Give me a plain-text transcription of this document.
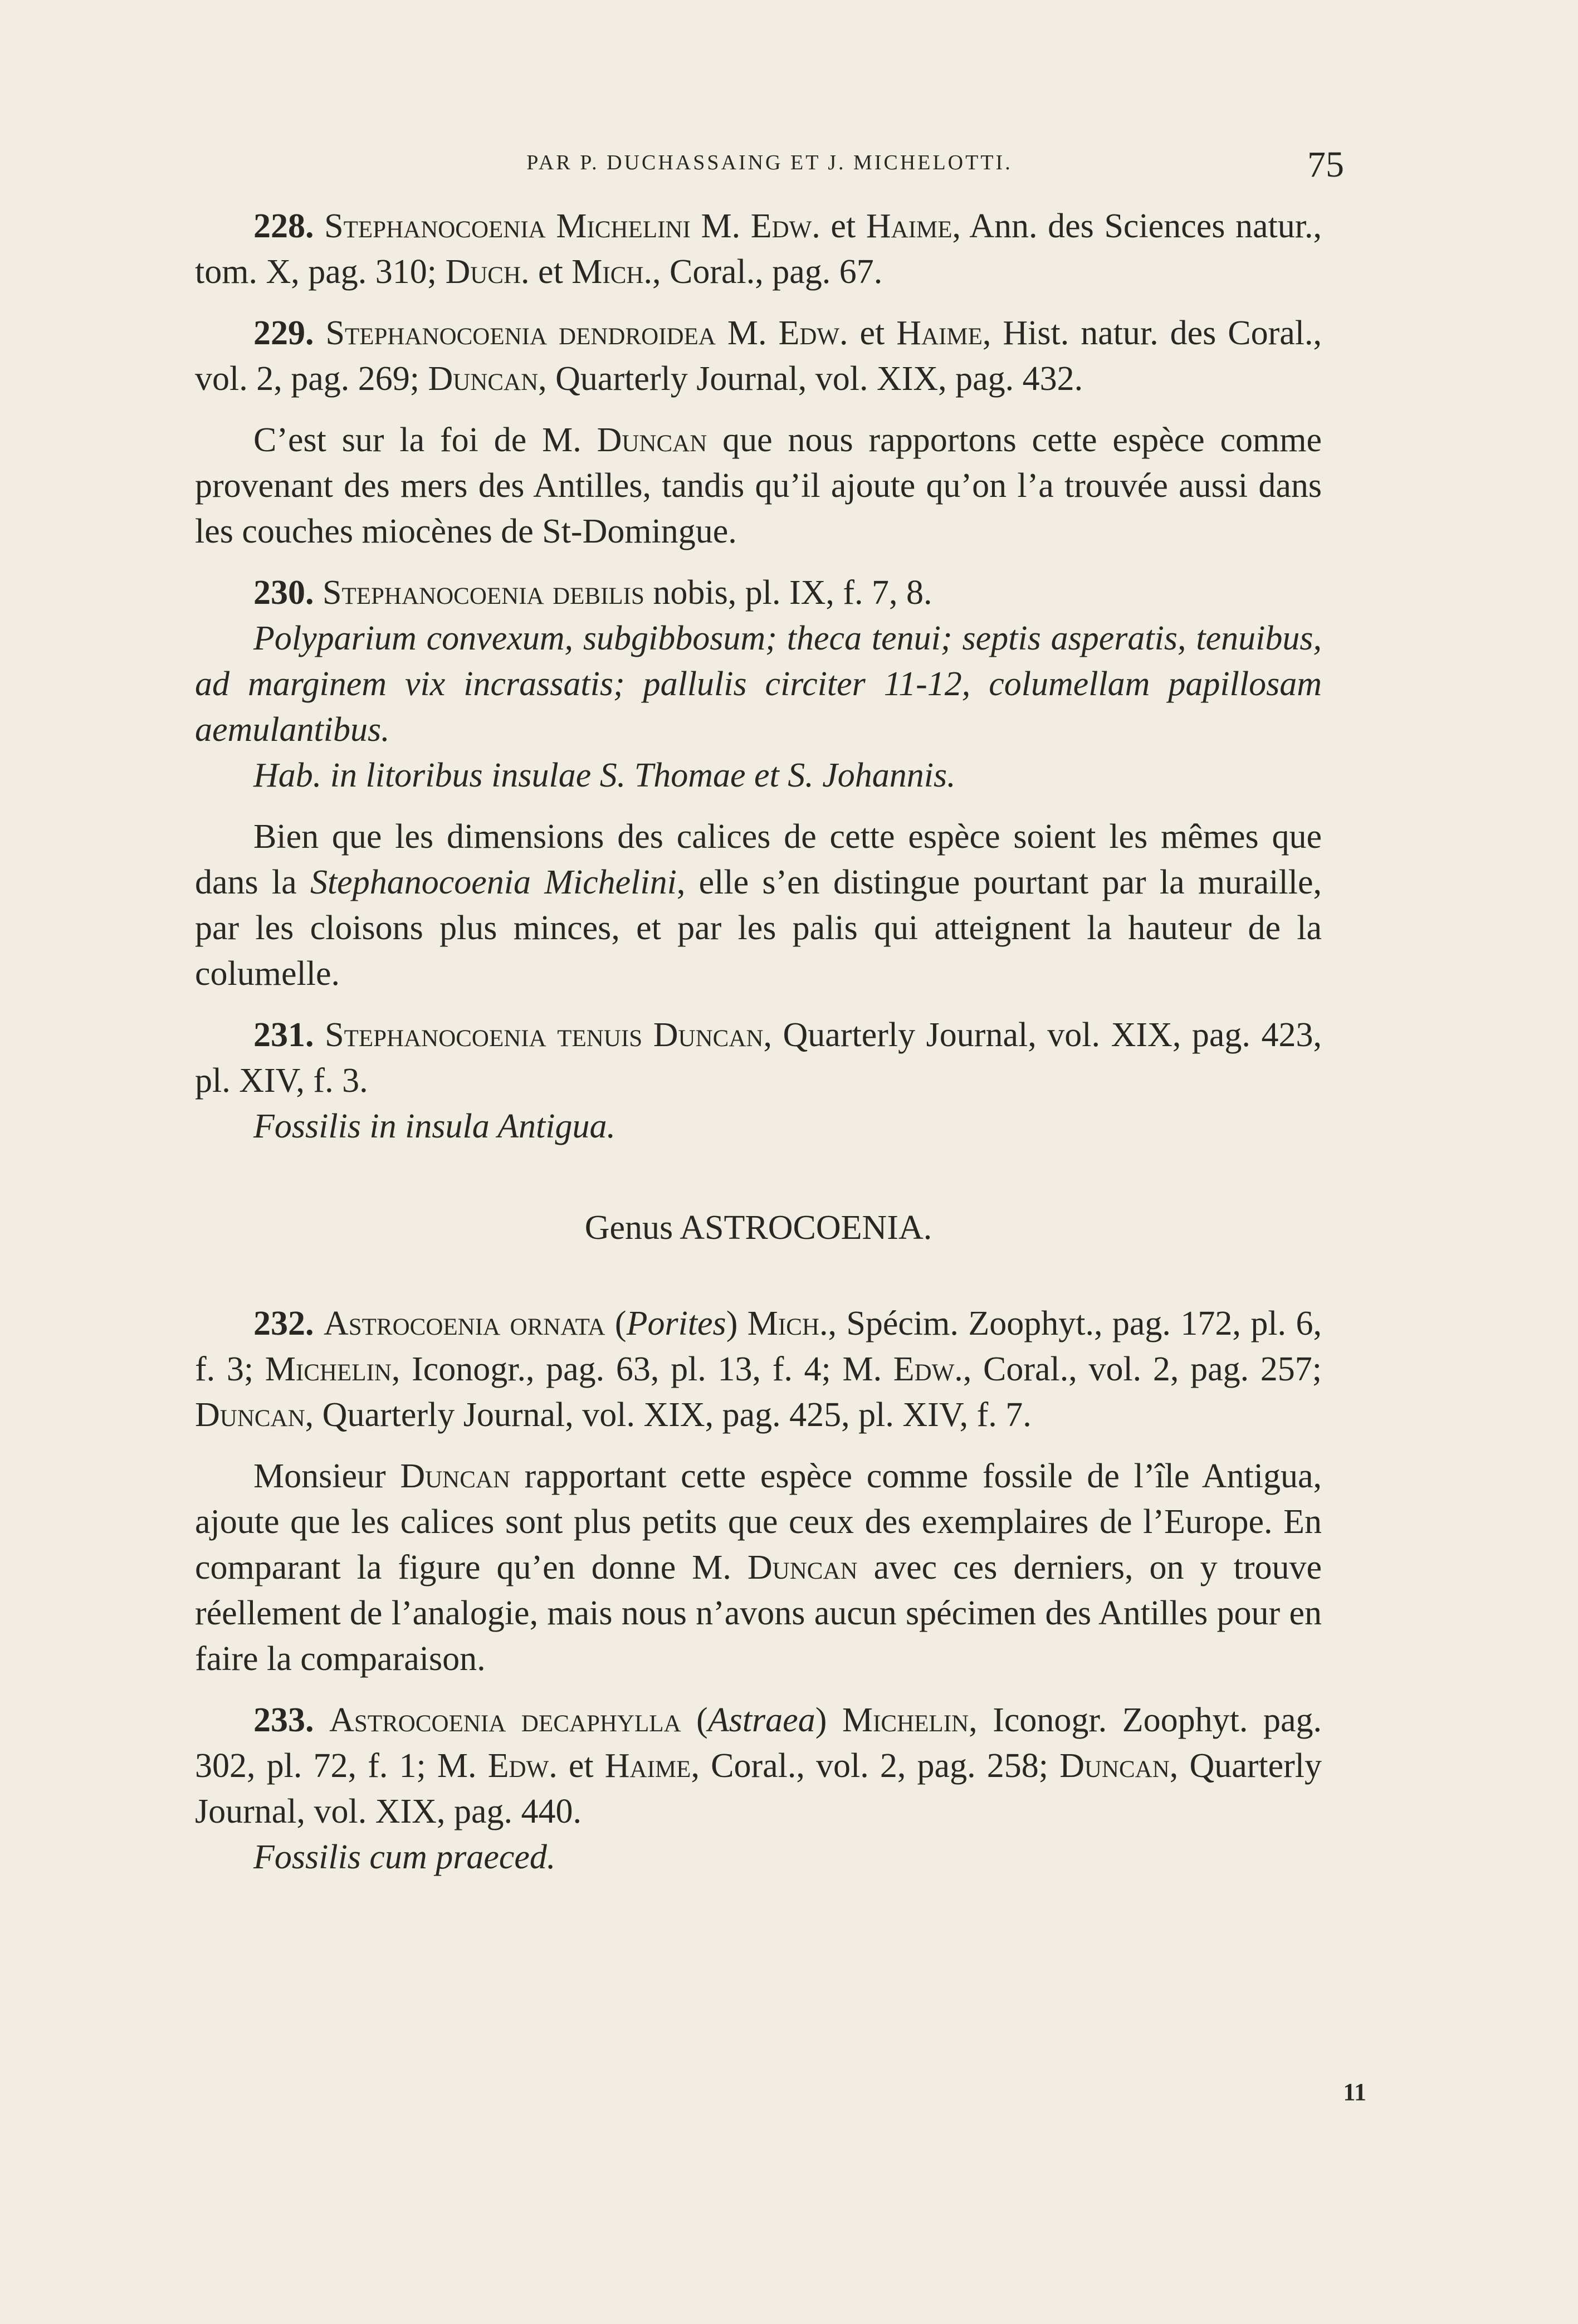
PAR P. DUCHASSAING ET J. MICHELOTTI.	75

228. Stephanocoenia Michelini M. Edw. et Haime, Ann. des Sciences natur., tom. X, pag. 310; Duch. et Mich., Coral., pag. 67.

229. Stephanocoenia dendroidea M. Edw. et Haime, Hist. natur. des Coral., vol. 2, pag. 269; Duncan, Quarterly Journal, vol. XIX, pag. 432.

C’est sur la foi de M. Duncan que nous rapportons cette espèce comme provenant des mers des Antilles, tandis qu’il ajoute qu’on l’a trouvée aussi dans les couches miocènes de St-Domingue.

230. Stephanocoenia debilis nobis, pl. IX, f. 7, 8.

Polyparium convexum, subgibbosum; theca tenui; septis asperatis, tenuibus, ad marginem vix incrassatis; pallulis circiter 11-12, columellam papillosam aemulantibus.

Hab. in litoribus insulae S. Thomae et S. Johannis.

Bien que les dimensions des calices de cette espèce soient les mêmes que dans la Stephanocoenia Michelini, elle s’en distingue pourtant par la muraille, par les cloisons plus minces, et par les palis qui atteignent la hauteur de la columelle.

231. Stephanocoenia tenuis Duncan, Quarterly Journal, vol. XIX, pag. 423, pl. XIV, f. 3.

Fossilis in insula Antigua.

Genus ASTROCOENIA.

232. Astrocoenia ornata (Porites) Mich., Spécim. Zoophyt., pag. 172, pl. 6, f. 3; Michelin, Iconogr., pag. 63, pl. 13, f. 4; M. Edw., Coral., vol. 2, pag. 257; Duncan, Quarterly Journal, vol. XIX, pag. 425, pl. XIV, f. 7.

Monsieur Duncan rapportant cette espèce comme fossile de l’île Antigua, ajoute que les calices sont plus petits que ceux des exemplaires de l’Europe. En comparant la figure qu’en donne M. Duncan avec ces derniers, on y trouve réellement de l’analogie, mais nous n’avons aucun spécimen des Antilles pour en faire la comparaison.

233. Astrocoenia decaphylla (Astraea) Michelin, Iconogr. Zoophyt. pag. 302, pl. 72, f. 1; M. Edw. et Haime, Coral., vol. 2, pag. 258; Duncan, Quarterly Journal, vol. XIX, pag. 440.

Fossilis cum praeced.

11
